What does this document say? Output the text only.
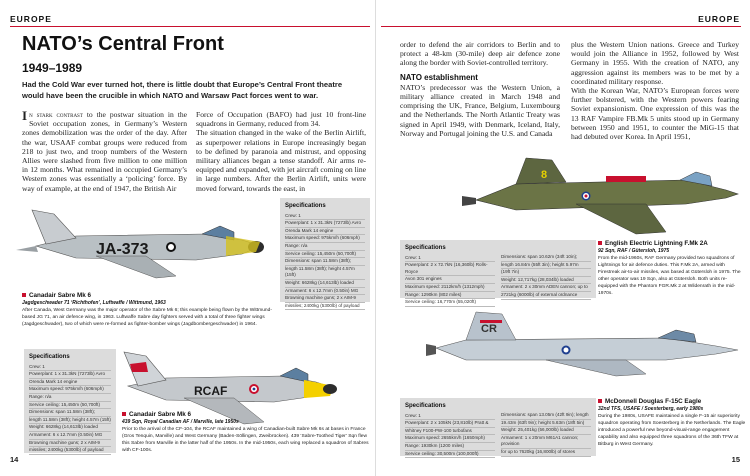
EUROPE
NATO’s Central Front
1949–1989
Had the Cold War ever turned hot, there is little doubt that Europe’s Central Front theatre would have been the crucible in which NATO and Warsaw Pact forces went to war.
In stark contrast to the postwar situation in the Soviet occupation zones, in Germany’s Western zones demobilization was the order of the day. After the war, USAAF combat groups were reduced from 218 to just two, and troop numbers of the Western Allies were slashed from five million to one million in 12 months. What remained in occupied Germany’s Western zones was essentially a ‘policing’ force. By way of example, at the end of 1947, the British Air
Force of Occupation (BAFO) had just 10 front-line squadrons in Germany, reduced from 34.
The situation changed in the wake of the Berlin Airlift, as superpower relations in Europe increasingly began to be defined by paranoia and mistrust, and opposing military alliances began a tense standoff. Air arms re-equipped and expanded, with jet aircraft coming on line in large numbers. After the Berlin Airlift, units were moved forward, towards the east, in
JA-373
Specifications
Crew: 1
Powerplant: 1 x 31.3kN (7273lb) Avro
Orenda Mark 14 engine
Maximum speed: 975km/h (606mph)
Range: n/a
Service ceiling: 15,450m (50,700ft)
Dimensions: span 11.58m (38ft);
length 11.58m (38ft); height 4.57m (15ft)
Weight: 6628kg (14,613lb) loaded
Armament: 6 x 12.7mm (0.50in) MG
Browning machine guns; 2 x AIM-9
missiles; 2400kg (5300lb) of payload
Canadair Sabre Mk 6
Jagdgeschwader 71 ‘Richthofen’, Luftwaffe / Wittmund, 1963
After Canada, West Germany was the major operator of the Sabre Mk 6; this example being flown by the Wittmund-based JG 71, an air defence wing, in 1963. Luftwaffe Sabre day fighters served with a total of three fighter wings (Jagdgeschwader), two of which were re-formed as fighter-bomber wings (Jagdbombergeschwader) in 1964.
Specifications
Crew: 1
Powerplant: 1 x 31.3kN (7273lb) Avro
Orenda Mark 14 engine
Maximum speed: 975km/h (606mph)
Range: n/a
Service ceiling: 15,450m (50,700ft)
Dimensions: span 11.58m (38ft);
length 11.58m (38ft); height 4.57m (15ft)
Weight: 6628kg (14,613lb) loaded
Armament: 6 x 12.7mm (0.50in) MG
Browning machine guns; 2 x AIM-9
missiles; 2400kg (5300lb) of payload
RCAF
Canadair Sabre Mk 6
439 Sqn, Royal Canadian AF / Marville, late 1950s
Prior to the arrival of the CF-104, the RCAF maintained a wing of Canadian-built Sabre Mk 6s at bases in France (Gros Tenquin, Marville) and West Germany (Baden-Söllingen, Zweibrücken). 439 ‘Sabre-Toothed Tiger’ Sqn flew this Sabre from Marville in the latter half of the 1950s. In the mid-1950s, each wing replaced a squadron of Sabres with CF-100s.
14
EUROPE
order to defend the air corridors to Berlin and to protect a 48-km (30-mile) deep air defence zone along the border with Soviet-controlled territory.
NATO establishment
NATO’s predecessor was the Western Union, a military alliance created in March 1948 and comprising the UK, France, Belgium, Luxembourg and the Netherlands. The North Atlantic Treaty was signed in April 1949, with Denmark, Iceland, Italy, Norway and Portugal joining the U.S. and Canada
plus the Western Union nations. Greece and Turkey would join the Alliance in 1952, followed by West Germany in 1955. With the creation of NATO, any aggression against its members was to be met by a coordinated military response.
With the Korean War, NATO’s European forces were further bolstered, with the Western powers fearing Soviet expansionism. One expression of this was the 13 RAF Vampire FB.Mk 5 units stood up in Germany between 1950 and 1951, to counter the MiG-15 that had debuted over Korea. In April 1951,
8
Specifications
Crew: 1
Powerplant: 2 x 72.7kN (16,360lb) Rolls-Royce
Avon 301 engines
Maximum speed: 2112km/h (1312mph)
Range: 1290km (802 miles)
Service ceiling: 16,770m (55,020ft)
Dimensions: span 10.62m (34ft 10in);
length 16.84m (55ft 3in); height 5.97m
(19ft 7in)
Weight: 12,717kg (28,034lb) loaded
Armament: 2 x 30mm ADEN cannon; up to
2721kg (6000lb) of external ordnance
English Electric Lightning F.Mk 2A
92 Sqn, RAF / Gütersloh, 1975
From the mid-1960s, RAF Germany provided two squadrons of Lightnings for air defence duties. This F.Mk 2A, armed with Firestreak air-to-air missiles, was based at Gütersloh in 1975. The other operator was 19 Sqn, also at Gütersloh. Both units re-equipped with the Phantom FGR.Mk 2 at Wildenrath in the mid-1970s.
CR
Specifications
Crew: 1
Powerplant: 2 x 105kN (23,810lb) Pratt &
Whitney F100-PW-100 turbofans
Maximum speed: 2655km/h (1650mph)
Range: 1930km (1200 miles)
Service ceiling: 30,500m (100,000ft)
Dimensions: span 13.05m (42ft 9in); length
19.43m (63ft 9in); height 5.63m (18ft 5in)
Weight: 25,401kg (56,000lb) loaded
Armament: 1 x 20mm M61A1 cannon; provision
for up to 7620kg (16,800lb) of stores
McDonnell Douglas F-15C Eagle
32nd TFS, USAFE / Soesterberg, early 1980s
During the 1980s, USAFE maintained a single F-15 air superiority squadron operating from Soesterberg in the Netherlands. The Eagle introduced a powerful new beyond-visual-range engagement capability and also equipped three squadrons of the 36th TFW at Bitburg in West Germany.
15
